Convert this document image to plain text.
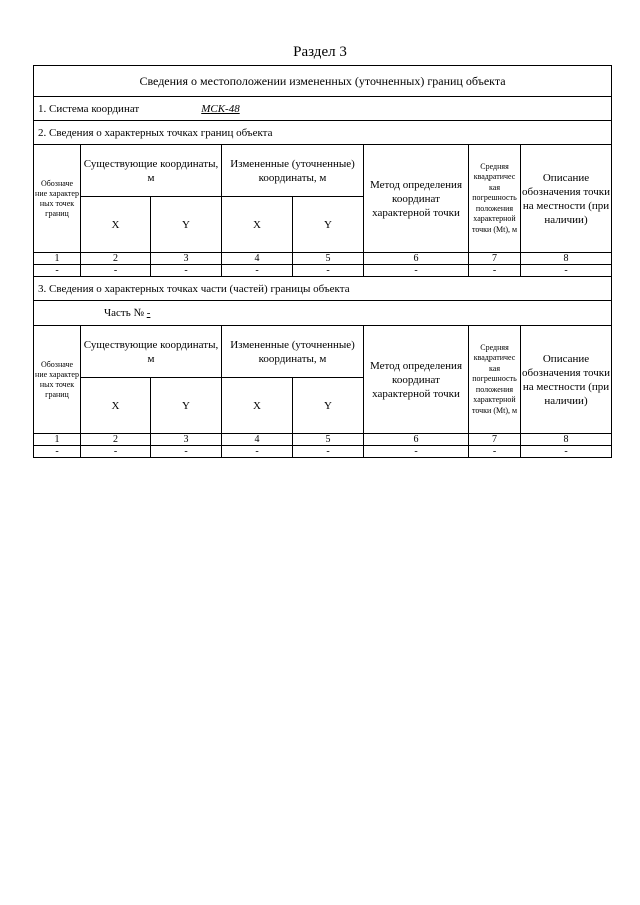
Раздел 3
Сведения о местоположении измененных (уточненных) границ объекта							
1. Система координат МСК-48							
2. Сведения о характерных точках границ объекта							
Обозначе ние характер ных точек границ	Существующие координаты, м		Измененные (уточненные) координаты, м		Метод определения координат характерной точки	Средняя квадратичес кая погрешность положения характерной точки (Mt), м	Описание обозначения точки на местности (при наличии)
	X	Y	X	Y			
1	2	3	4	5	6	7	8
-	-	-	-	-	-	-	-
3. Сведения о характерных точках части (частей) границы объекта							
Часть № -							
Обозначе ние характер ных точек границ	Существующие координаты, м		Измененные (уточненные) координаты, м		Метод определения координат характерной точки	Средняя квадратичес кая погрешность положения характерной точки (Mt), м	Описание обозначения точки на местности (при наличии)
	X	Y	X	Y			
1	2	3	4	5	6	7	8
-	-	-	-	-	-	-	-
